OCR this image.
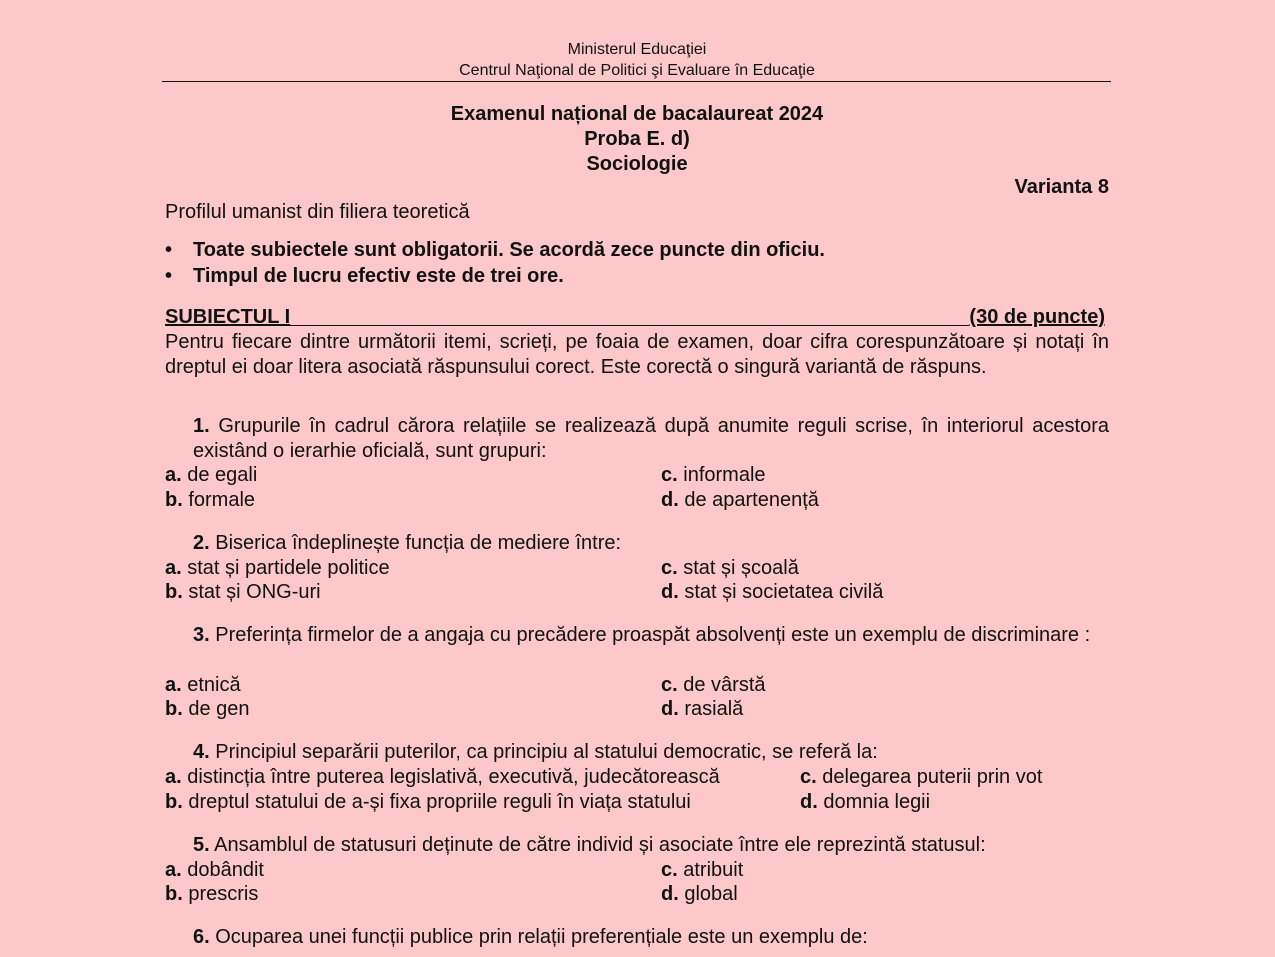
Ministerul Educaţiei
Centrul Naţional de Politici şi Evaluare în Educaţie
Examenul național de bacalaureat 2024
Proba E. d)
Sociologie
Varianta 8
Profilul umanist din filiera teoretică
• Toate subiectele sunt obligatorii. Se acordă zece puncte din oficiu.
• Timpul de lucru efectiv este de trei ore.
SUBIECTUL I	(30 de puncte)
Pentru fiecare dintre următorii itemi, scrieți, pe foaia de examen, doar cifra corespunzătoare și notați în dreptul ei doar litera asociată răspunsului corect. Este corectă o singură variantă de răspuns.
1. Grupurile în cadrul cărora relațiile se realizează după anumite reguli scrise, în interiorul acestora existând o ierarhie oficială, sunt grupuri:
a. de egali
b. formale
c. informale
d. de apartenență
2. Biserica îndeplinește funcția de mediere între:
a. stat și partidele politice
b. stat și ONG-uri
c. stat și școală
d. stat și societatea civilă
3. Preferința firmelor de a angaja cu precădere proaspăt absolvenți este un exemplu de discriminare :
a. etnică
b. de gen
c. de vârstă
d. rasială
4. Principiul separării puterilor, ca principiu al statului democratic, se referă la:
a. distincția între puterea legislativă, executivă, judecătorească
b. dreptul statului de a-și fixa propriile reguli în viața statului
c. delegarea puterii prin vot
d. domnia legii
5. Ansamblul de statusuri deținute de către individ și asociate între ele reprezintă statusul:
a. dobândit
b. prescris
c. atribuit
d. global
6. Ocuparea unei funcții publice prin relații preferențiale este un exemplu de:
